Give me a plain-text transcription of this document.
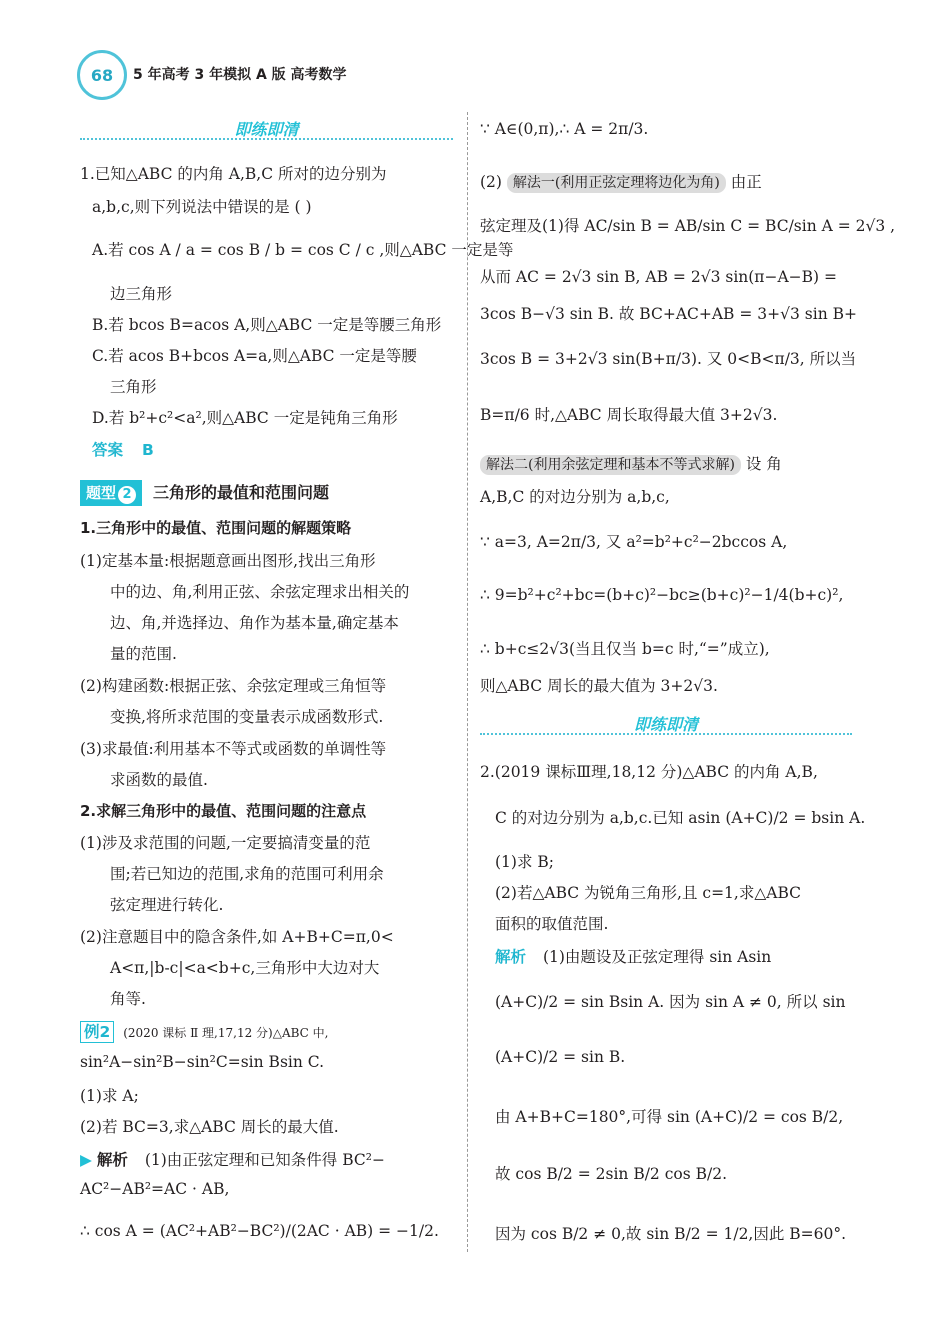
68 5 年高考 3 年模拟 A 版 高考数学
即练即清
1.已知△ABC 的内角 A,B,C 所对的边分别为
a,b,c,则下列说法中错误的是 ( )
A.若 cos A / a = cos B / b = cos C / c ,则△ABC 一定是等
边三角形
B.若 bcos B=acos A,则△ABC 一定是等腰三角形
C.若 acos B+bcos A=a,则△ABC 一定是等腰
三角形
D.若 b²+c²<a²,则△ABC 一定是钝角三角形
答案 B
题型 2 三角形的最值和范围问题
1.三角形中的最值、范围问题的解题策略
(1)定基本量:根据题意画出图形,找出三角形
中的边、角,利用正弦、余弦定理求出相关的
边、角,并选择边、角作为基本量,确定基本
量的范围.
(2)构建函数:根据正弦、余弦定理或三角恒等
变换,将所求范围的变量表示成函数形式.
(3)求最值:利用基本不等式或函数的单调性等
求函数的最值.
2.求解三角形中的最值、范围问题的注意点
(1)涉及求范围的问题,一定要搞清变量的范
围;若已知边的范围,求角的范围可利用余
弦定理进行转化.
(2)注意题目中的隐含条件,如 A+B+C=π,0<
A<π,|b-c|<a<b+c,三角形中大边对大
角等.
例2 (2020 课标 Ⅱ 理,17,12 分)△ABC 中,
sin²A−sin²B−sin²C=sin Bsin C.
(1)求 A;
(2)若 BC=3,求△ABC 周长的最大值.
▶ 解析 (1)由正弦定理和已知条件得 BC²−
AC²−AB²=AC · AB,
∴ cos A = (AC²+AB²−BC²)/(2AC · AB) = −1/2.
∵ A∈(0,π),∴ A = 2π/3.
(2) 解法一(利用正弦定理将边化为角) 由正
弦定理及(1)得 AC/sin B = AB/sin C = BC/sin A = 2√3 ,
从而 AC = 2√3 sin B, AB = 2√3 sin(π−A−B) =
3cos B−√3 sin B. 故 BC+AC+AB = 3+√3 sin B+
3cos B = 3+2√3 sin(B+π/3). 又 0<B<π/3, 所以当
B=π/6 时,△ABC 周长取得最大值 3+2√3.
解法二(利用余弦定理和基本不等式求解) 设 角
A,B,C 的对边分别为 a,b,c,
∵ a=3, A=2π/3, 又 a²=b²+c²−2bccos A,
∴ 9=b²+c²+bc=(b+c)²−bc≥(b+c)²−1/4(b+c)²,
∴ b+c≤2√3(当且仅当 b=c 时,“=”成立),
则△ABC 周长的最大值为 3+2√3.
即练即清
2.(2019 课标Ⅲ理,18,12 分)△ABC 的内角 A,B,
C 的对边分别为 a,b,c.已知 asin (A+C)/2 = bsin A.
(1)求 B;
(2)若△ABC 为锐角三角形,且 c=1,求△ABC
面积的取值范围.
解析 (1)由题设及正弦定理得 sin Asin
(A+C)/2 = sin Bsin A. 因为 sin A ≠ 0, 所以 sin
(A+C)/2 = sin B.
由 A+B+C=180°,可得 sin (A+C)/2 = cos B/2,
故 cos B/2 = 2sin B/2 cos B/2.
因为 cos B/2 ≠ 0,故 sin B/2 = 1/2,因此 B=60°.
